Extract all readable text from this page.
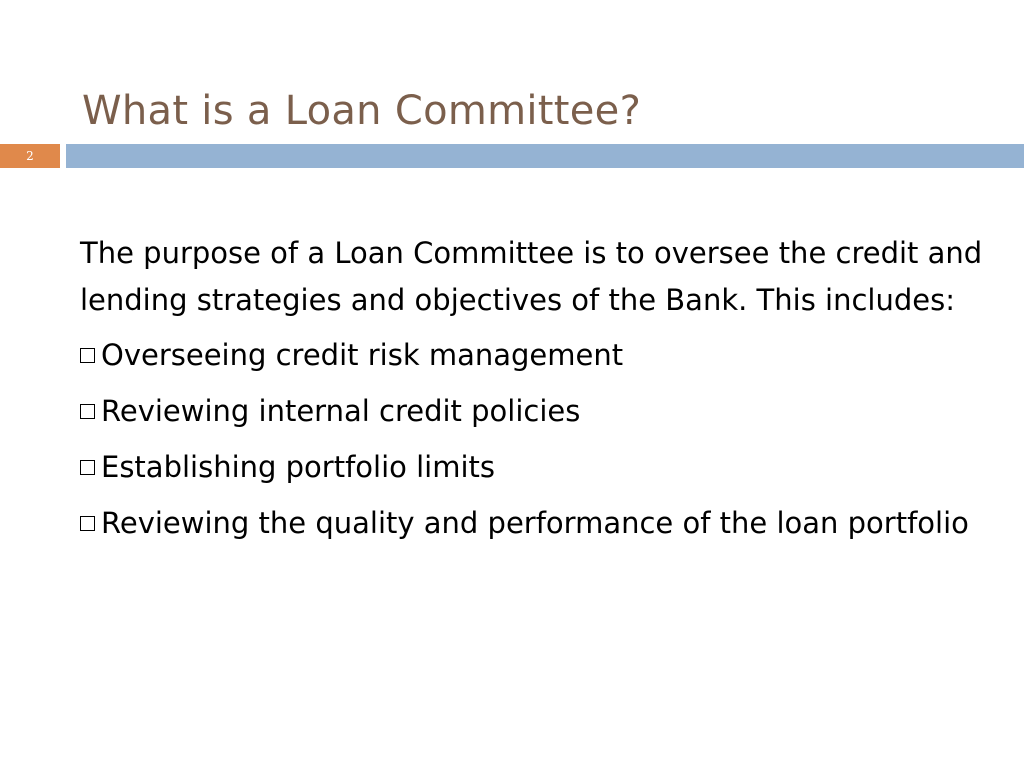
What is a Loan Committee?
2

The purpose of a Loan Committee is to oversee the credit and lending strategies and objectives of the Bank. This includes:

Overseeing credit risk management
Reviewing internal credit policies
Establishing portfolio limits
Reviewing the quality and performance of the loan portfolio
